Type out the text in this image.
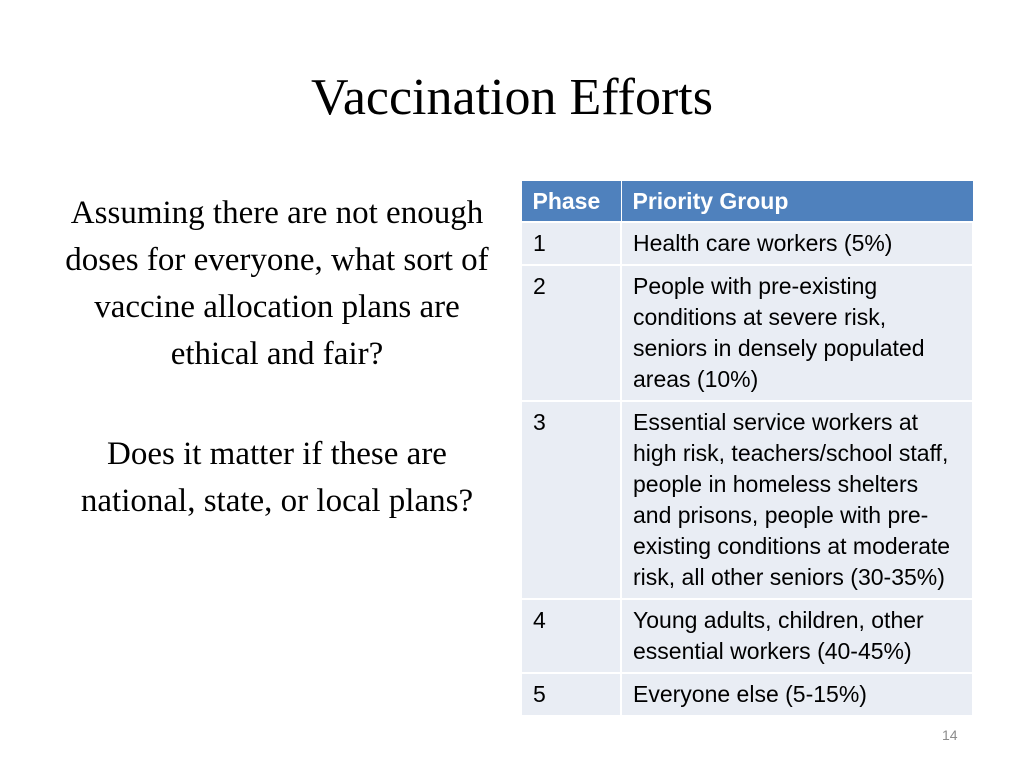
Vaccination Efforts

Assuming there are not enough doses for everyone, what sort of vaccine allocation plans are ethical and fair?

Does it matter if these are national, state, or local plans?

Phase	Priority Group
1	Health care workers (5%)
2	People with pre-existing conditions at severe risk, seniors in densely populated areas (10%)
3	Essential service workers at high risk, teachers/school staff, people in homeless shelters and prisons, people with pre-existing conditions at moderate risk, all other seniors (30-35%)
4	Young adults, children, other essential workers (40-45%)
5	Everyone else (5-15%)
14
